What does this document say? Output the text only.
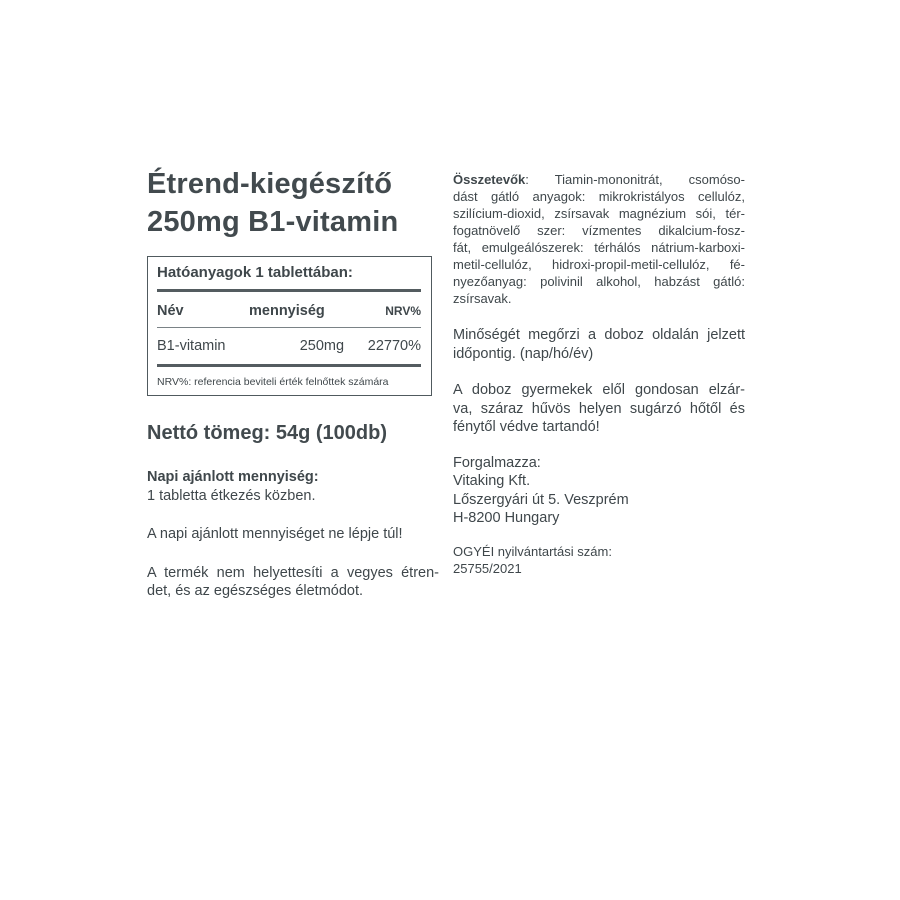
Étrend-kiegészítő
250mg B1-vitamin
Hatóanyagok 1 tablettában:
Név	mennyiség	NRV%
B1-vitamin	250mg	22770%
NRV%: referencia beviteli érték felnőttek számára

Nettó tömeg: 54g (100db)

Napi ajánlott mennyiség:
1 tabletta étkezés közben.

A napi ajánlott mennyiséget ne lépje túl!

A termék nem helyettesíti a vegyes étren-
det, és az egészséges életmódot.

Összetevők: Tiamin-mononitrát, csomóso-
dást gátló anyagok: mikrokristályos cellulóz,
szilícium-dioxid, zsírsavak magnézium sói, tér-
fogatnövelő szer: vízmentes dikalcium-fosz-
fát, emulgeálószerek: térhálós nátrium-karboxi-
metil-cellulóz, hidroxi-propil-metil-cellulóz, fé-
nyezőanyag: polivinil alkohol, habzást gátló:
zsírsavak.

Minőségét megőrzi a doboz oldalán jelzett
időpontig. (nap/hó/év)

A doboz gyermekek elől gondosan elzár-
va, száraz hűvös helyen sugárzó hőtől és
fénytől védve tartandó!

Forgalmazza:
Vitaking Kft.
Lőszergyári út 5. Veszprém
H-8200 Hungary

OGYÉI nyilvántartási szám:
25755/2021
